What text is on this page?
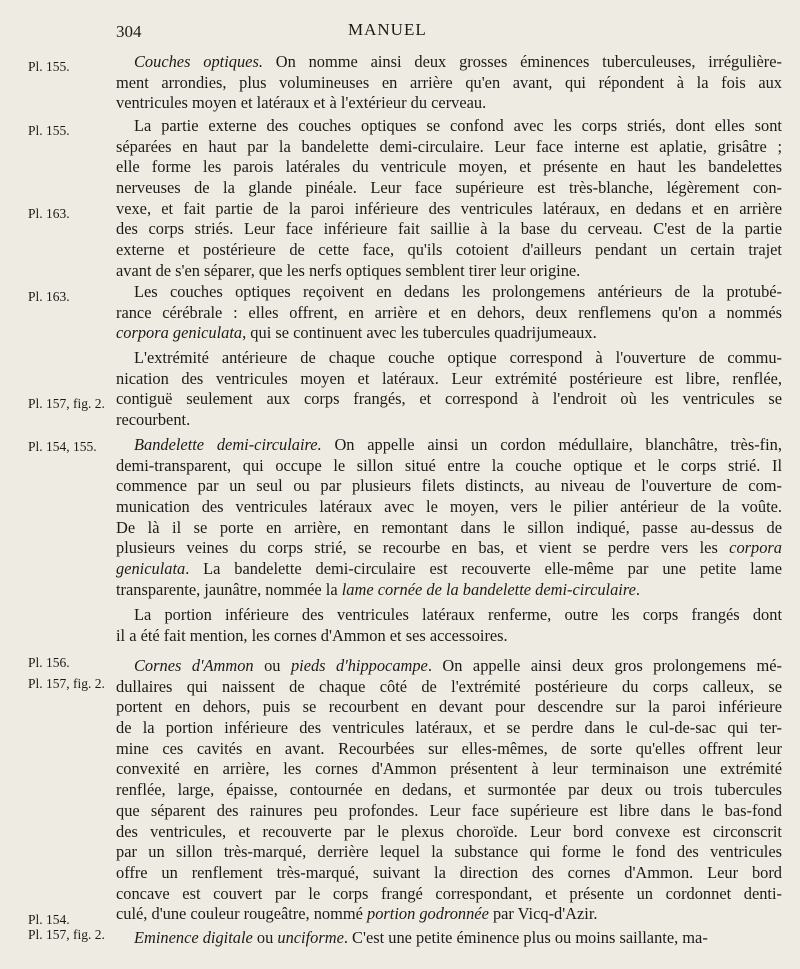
304	MANUEL
Pl. 155.
Pl. 155.
Pl. 163.
Pl. 163.
Pl. 157, fig. 2.
Pl. 154, 155.
Pl. 156.
Pl. 157, fig. 2.
Pl. 154.
Pl. 157, fig. 2.
Couches optiques. On nomme ainsi deux grosses éminences tuberculeuses, irrégulière-
ment arrondies, plus volumineuses en arrière qu'en avant, qui répondent à la fois aux
ventricules moyen et latéraux et à l'extérieur du cerveau.
La partie externe des couches optiques se confond avec les corps striés, dont elles sont
séparées en haut par la bandelette demi-circulaire. Leur face interne est aplatie, grisâtre ;
elle forme les parois latérales du ventricule moyen, et présente en haut les bandelettes
nerveuses de la glande pinéale. Leur face supérieure est très-blanche, légèrement con-
vexe, et fait partie de la paroi inférieure des ventricules latéraux, en dedans et en arrière
des corps striés. Leur face inférieure fait saillie à la base du cerveau. C'est de la partie
externe et postérieure de cette face, qu'ils cotoient d'ailleurs pendant un certain trajet
avant de s'en séparer, que les nerfs optiques semblent tirer leur origine.
Les couches optiques reçoivent en dedans les prolongemens antérieurs de la protubé-
rance cérébrale : elles offrent, en arrière et en dehors, deux renflemens qu'on a nommés
corpora geniculata, qui se continuent avec les tubercules quadrijumeaux.
L'extrémité antérieure de chaque couche optique correspond à l'ouverture de commu-
nication des ventricules moyen et latéraux. Leur extrémité postérieure est libre, renflée,
contiguë seulement aux corps frangés, et correspond à l'endroit où les ventricules se
recourbent.
Bandelette demi-circulaire. On appelle ainsi un cordon médullaire, blanchâtre, très-fin,
demi-transparent, qui occupe le sillon situé entre la couche optique et le corps strié. Il
commence par un seul ou par plusieurs filets distincts, au niveau de l'ouverture de com-
munication des ventricules latéraux avec le moyen, vers le pilier antérieur de la voûte.
De là il se porte en arrière, en remontant dans le sillon indiqué, passe au-dessus de
plusieurs veines du corps strié, se recourbe en bas, et vient se perdre vers les corpora
geniculata. La bandelette demi-circulaire est recouverte elle-même par une petite lame
transparente, jaunâtre, nommée la lame cornée de la bandelette demi-circulaire.
La portion inférieure des ventricules latéraux renferme, outre les corps frangés dont
il a été fait mention, les cornes d'Ammon et ses accessoires.
Cornes d'Ammon ou pieds d'hippocampe. On appelle ainsi deux gros prolongemens mé-
dullaires qui naissent de chaque côté de l'extrémité postérieure du corps calleux, se
portent en dehors, puis se recourbent en devant pour descendre sur la paroi inférieure
de la portion inférieure des ventricules latéraux, et se perdre dans le cul-de-sac qui ter-
mine ces cavités en avant. Recourbées sur elles-mêmes, de sorte qu'elles offrent leur
convexité en arrière, les cornes d'Ammon présentent à leur terminaison une extrémité
renflée, large, épaisse, contournée en dedans, et surmontée par deux ou trois tubercules
que séparent des rainures peu profondes. Leur face supérieure est libre dans le bas-fond
des ventricules, et recouverte par le plexus choroïde. Leur bord convexe est circonscrit
par un sillon très-marqué, derrière lequel la substance qui forme le fond des ventricules
offre un renflement très-marqué, suivant la direction des cornes d'Ammon. Leur bord
concave est couvert par le corps frangé correspondant, et présente un cordonnet denti-
culé, d'une couleur rougeâtre, nommé portion godronnée par Vicq-d'Azir.
Eminence digitale ou unciforme. C'est une petite éminence plus ou moins saillante, ma-
